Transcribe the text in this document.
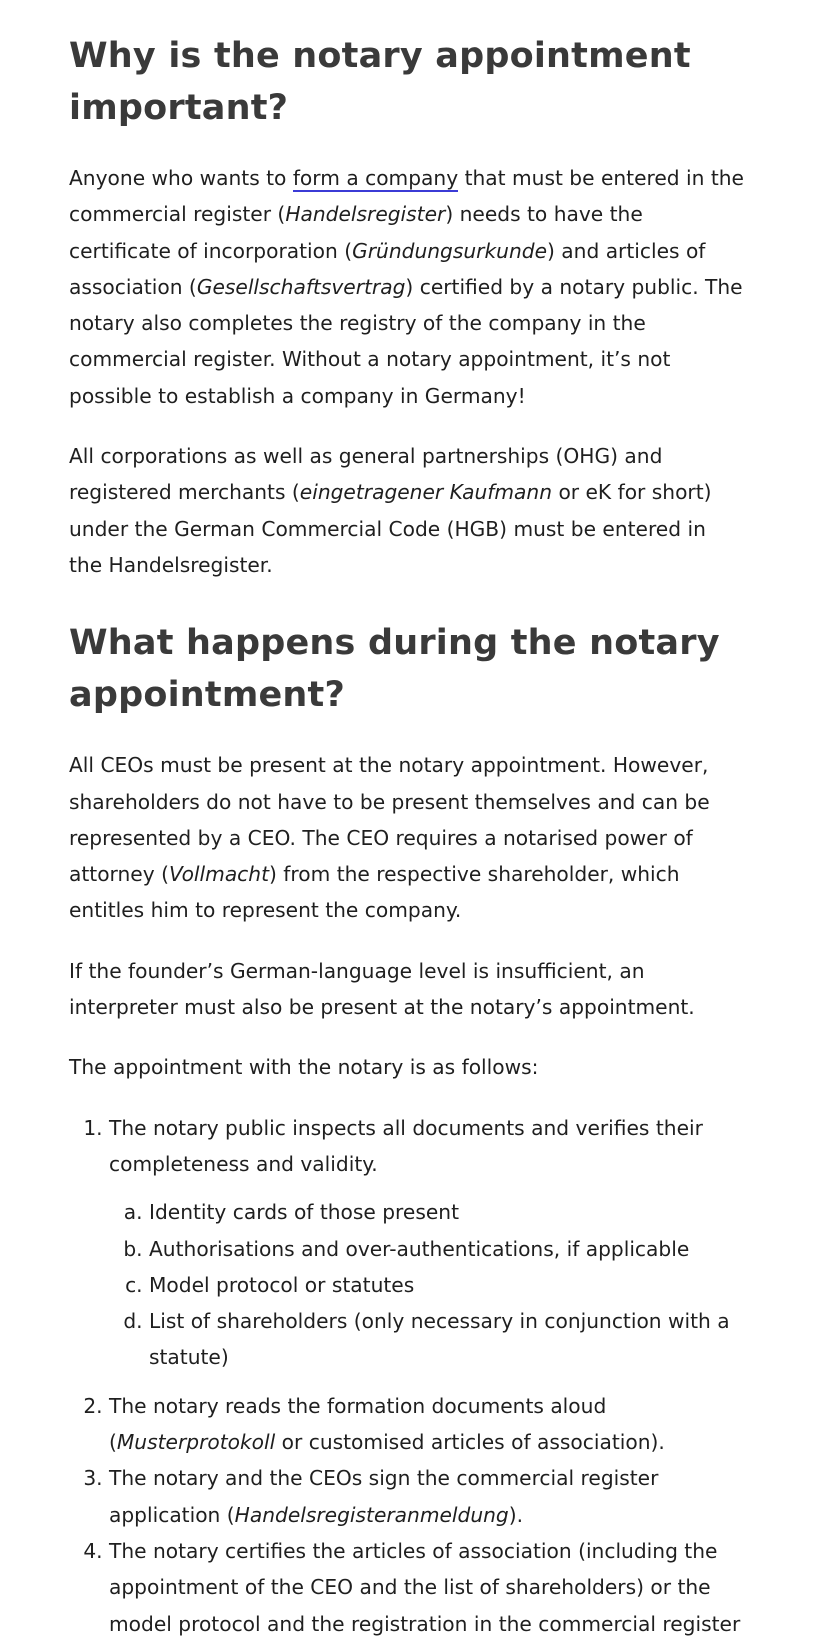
Why is the notary appointment important?

Anyone who wants to form a company that must be entered in the commercial register (Handelsregister) needs to have the certificate of incorporation (Gründungsurkunde) and articles of association (Gesellschaftsvertrag) certified by a notary public. The notary also completes the registry of the company in the commercial register. Without a notary appointment, it’s not possible to establish a company in Germany!

All corporations as well as general partnerships (OHG) and registered merchants (eingetragener Kaufmann or eK for short) under the German Commercial Code (HGB) must be entered in the Handelsregister.

What happens during the notary appointment?

All CEOs must be present at the notary appointment. However, shareholders do not have to be present themselves and can be represented by a CEO. The CEO requires a notarised power of attorney (Vollmacht) from the respective shareholder, which entitles him to represent the company.

If the founder’s German-language level is insufficient, an interpreter must also be present at the notary’s appointment.

The appointment with the notary is as follows:

1. The notary public inspects all documents and verifies their completeness and validity.
a. Identity cards of those present
b. Authorisations and over-authentications, if applicable
c. Model protocol or statutes
d. List of shareholders (only necessary in conjunction with a statute)
2. The notary reads the formation documents aloud (Musterprotokoll or customised articles of association).
3. The notary and the CEOs sign the commercial register application (Handelsregisteranmeldung).
4. The notary certifies the articles of association (including the appointment of the CEO and the list of shareholders) or the model protocol and the registration in the commercial register
